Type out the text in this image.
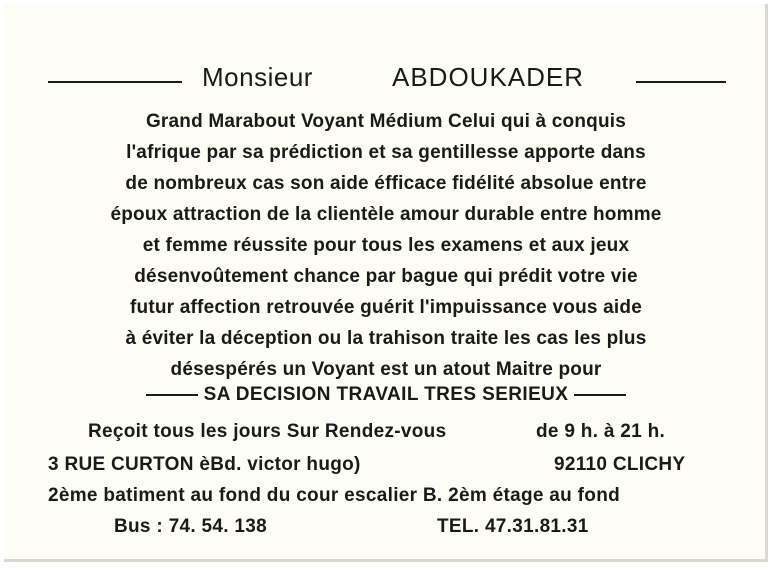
Monsieur	ABDOUKADER
Grand Marabout Voyant Médium Celui qui à conquis
l'afrique par sa prédiction et sa gentillesse apporte dans
de nombreux cas son aide éfficace fidélité absolue entre
époux attraction de la clientèle amour durable entre homme
et femme réussite pour tous les examens et aux jeux
désenvoûtement chance par bague qui prédit votre vie
futur affection retrouvée guérit l'impuissance vous aide
à éviter la déception ou la trahison traite les cas les plus
désespérés un Voyant est un atout Maitre pour
SA DECISION TRAVAIL TRES SERIEUX
Reçoit tous les jours Sur Rendez-vous	de 9 h. à 21 h.
3 RUE CURTON èBd. victor hugo)	92110 CLICHY
2ème batiment au fond du cour escalier B. 2èm étage au fond
Bus : 74. 54. 138	TEL. 47.31.81.31
